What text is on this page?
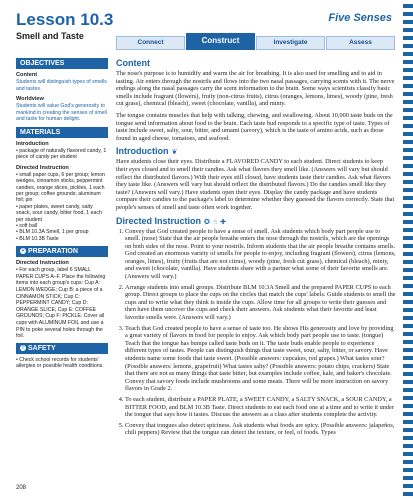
Lesson 10.3
Smell and Taste
Five Senses
Connect	Construct	Investigate	Assess
OBJECTIVES
Content
Students will distinguish types of smells and tastes.
Worldview
Students will value God's generosity to mankind in creating the senses of smell and taste for human delight.
MATERIALS
Introduction
• package of naturally flavored candy, 1 piece of candy per student
Directed Instruction
• small paper cups, 6 per group; lemon wedges, cinnamon sticks, peppermint candies, orange slices, pickles, 1 each per group; coffee grounds; aluminum foil; pin
• paper plates, sweet candy, salty snack, sour candy, bitter food, 1 each per student
• soft ball
• BLM 10.3A Smell, 1 per group
• BLM 10.3B Taste
+ PREPARATION
Directed Instruction
• For each group, label 6 SMALL PAPER CUPS A–F. Place the following items into each group's cups: Cup A: LEMON WEDGE; Cup B: a piece of a CINNAMON STICK; Cup C: PEPPERMINT CANDY; Cup D: ORANGE SLICE; Cup E: COFFEE GROUNDS; Cup F: PICKLE. Cover all cups with ALUMINUM FOIL and use a PIN to poke several holes through the foil.
! SAFETY
• Check school records for students' allergies or possible health conditions.
Content

The nose's purpose is to humidify and warm the air for breathing. It is also used for smelling and to aid in tasting. Air enters through the nostrils and flows into the two nasal passages, carrying scents with it. The nerve endings along the nasal passages carry the scent information to the brain. Some ways scientists classify basic smells include fragrant (flowers), fruity (non-citrus fruits), citrus (oranges, lemons, limes), woody (pine, fresh cut grass), chemical (bleach), sweet (chocolate, vanilla), and minty.

The tongue contains muscles that help with talking, chewing, and swallowing. About 10,000 taste buds on the tongue send information about food to the brain. Each taste bud responds to a specific type of taste. Types of taste include sweet, salty, sour, bitter, and umami (savory), which is the taste of amino acids, such as those found in aged cheese, tomatoes, and seafood.

Introduction ❦

Have students close their eyes. Distribute a FLAVORED CANDY to each student. Direct students to keep their eyes closed and to smell their candies. Ask what flavors they smell like. (Answers will vary but should reflect the distributed flavors.) With their eyes still closed, have students taste their candies. Ask what flavors they taste like. (Answers will vary but should reflect the distributed flavors.) Do the candies smell like they taste? (Answers will vary.) Have students open their eyes. Display the candy package and have students compare their candies to the package's label to determine whether they guessed the flavors correctly. State that people's senses of smell and taste often work together.

Directed Instruction ✪ ☝ ✚
1. Convey that God created people to have a sense of smell. Ask students which body part people use to smell. (nose) State that the air people breathe enters the nose through the nostrils, which are the openings on both sides of the nose. Point to your nostrils. Inform students that the air people breathe contains smells. God created an enormous variety of smells for people to enjoy, including fragrant (flowers), citrus (lemons, oranges, limes), fruity (fruits that are not citrus), woody (pine, fresh cut grass), chemical (bleach), minty, and sweet (chocolate, vanilla). Have students share with a partner what some of their favorite smells are. (Answers will vary.)
2. Arrange students into small groups. Distribute BLM 10.3A Smell and the prepared PAPER CUPS to each group. Direct groups to place the cups on the circles that match the cups' labels. Guide students to smell the cups and to write what they think is inside the cups. Allow time for all groups to write their guesses and then have them uncover the cups and check their answers. Ask students what their favorite and least favorite smells were. (Answers will vary.)
3. Teach that God created people to have a sense of taste too. He shows His generosity and love by providing a great variety of flavors in food for people to enjoy. Ask which body part people use to taste. (tongue) Teach that the tongue has bumps called taste buds on it. The taste buds enable people to experience different types of tastes. People can distinguish things that taste sweet, sour, salty, bitter, or savory. Have students name some foods that taste sweet. (Possible answers: cupcakes, red grapes.) What tastes sour? (Possible answers: lemons, grapefruit) What tastes salty? (Possible answers: potato chips, crackers) State that there are not as many things that taste bitter, but examples include coffee, kale, and baker's chocolate. Convey that savory foods include mushrooms and some meats. There will be more instruction on savory flavors in Grade 2.
4. To each student, distribute a PAPER PLATE, a SWEET CANDY, a SALTY SNACK, a SOUR CANDY, a BITTER FOOD, and BLM 10.3B Taste. Direct students to eat each food one at a time and to write it under the tongue that says how it tastes. Discuss the answers as a class after students complete the activity.
5. Convey that tongues also detect spiciness. Ask students what foods are spicy. (Possible answers: jalapeños, chili peppers) Review that the tongue can detect the texture, or feel, of foods. Types
208
